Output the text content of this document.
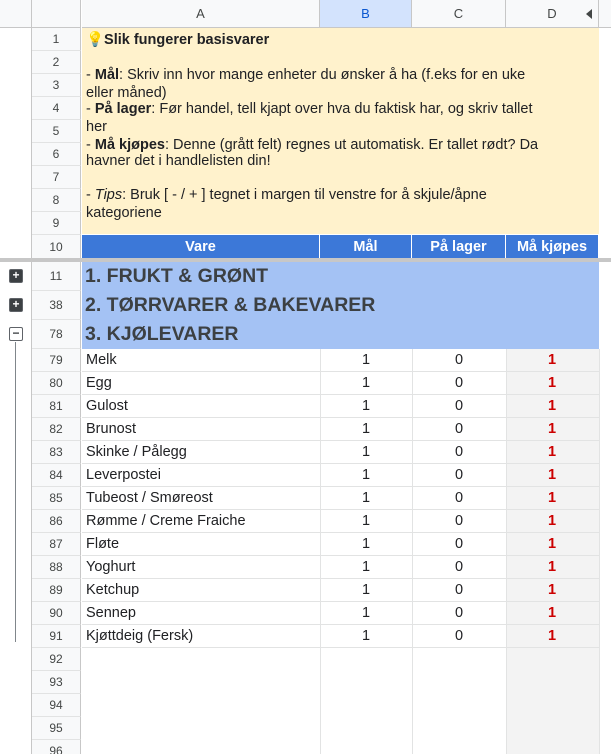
A	B	C	D
💡 Slik fungerer basisvarer
- Mål: Skriv inn hvor mange enheter du ønsker å ha (f.eks for en uke
eller måned)
- På lager: Før handel, tell kjapt over hva du faktisk har, og skriv tallet
her
- Må kjøpes: Denne (grått felt) regnes ut automatisk. Er tallet rødt? Da
havner det i handlelisten din!
- Tips: Bruk [ - / + ] tegnet i margen til venstre for å skjule/åpne
kategoriene
1
2
3
4
5
6
7
8
9
10	Vare	Mål	På lager	Må kjøpes
11	1. FRUKT & GRØNT
+
38	2. TØRRVARER & BAKEVARER
+
78	3. KJØLEVARER
−
79	Melk	1	0	1
80	Egg	1	0	1
81	Gulost	1	0	1
82	Brunost	1	0	1
83	Skinke / Pålegg	1	0	1
84	Leverpostei	1	0	1
85	Tubeost / Smøreost	1	0	1
86	Rømme / Creme Fraiche	1	0	1
87	Fløte	1	0	1
88	Yoghurt	1	0	1
89	Ketchup	1	0	1
90	Sennep	1	0	1
91	Kjøttdeig (Fersk)	1	0	1
92
93
94
95
96
